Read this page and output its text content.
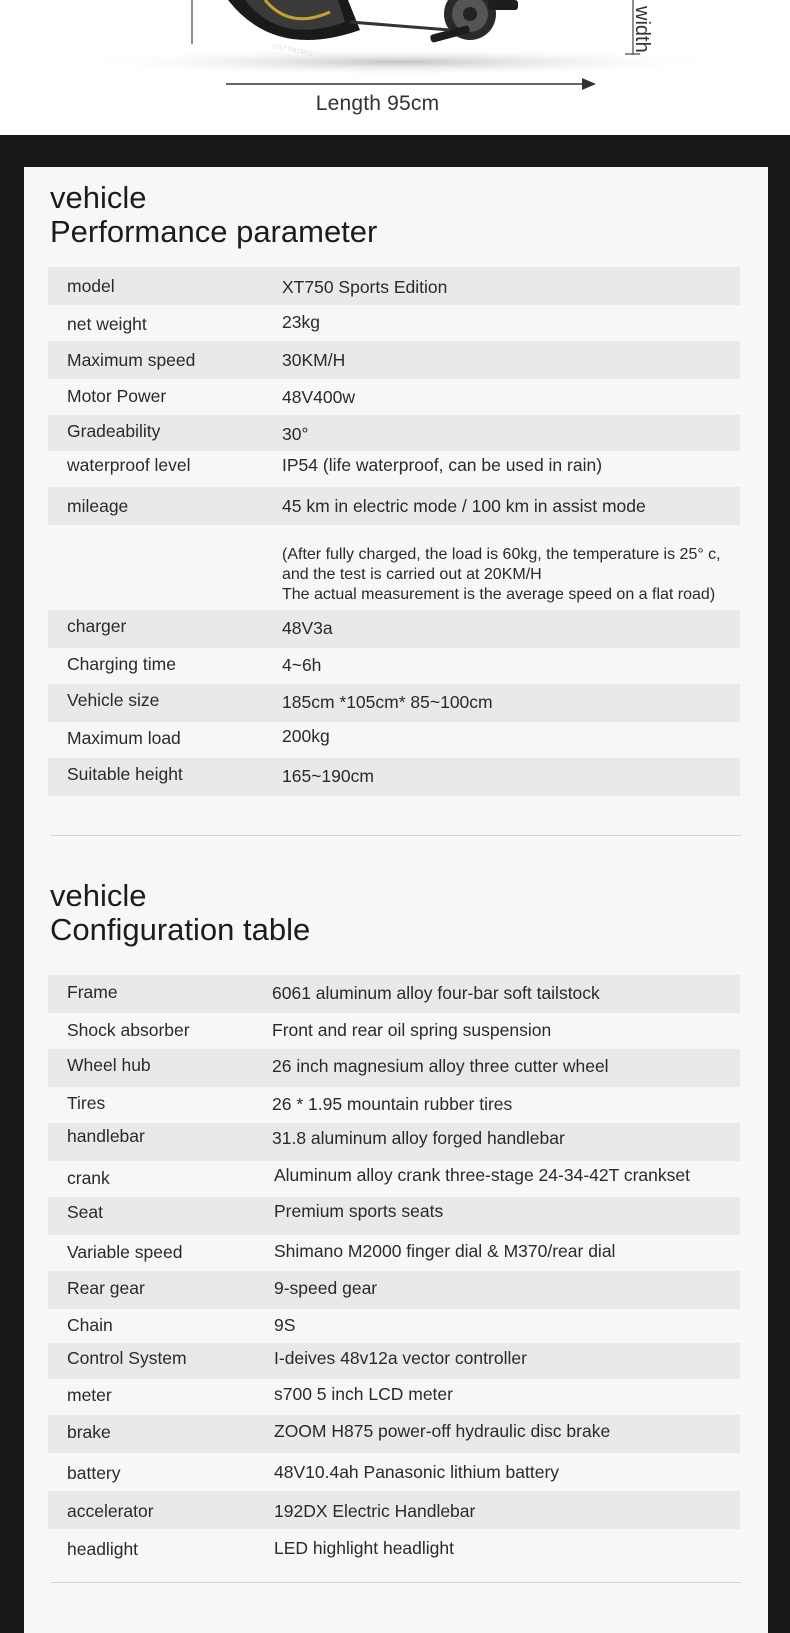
OST PATROL
Length 95cm
width
vehicle
Performance parameter
model	XT750 Sports Edition
net weight	23kg
Maximum speed	30KM/H
Motor Power	48V400w
Gradeability	30°
waterproof level	IP54 (life waterproof, can be used in rain)
mileage	45 km in electric mode / 100 km in assist mode
(After fully charged, the load is 60kg, the temperature is 25° c,
and the test is carried out at 20KM/H
The actual measurement is the average speed on a flat road)
charger	48V3a
Charging time	4~6h
Vehicle size	185cm *105cm* 85~100cm
Maximum load	200kg
Suitable height	165~190cm
vehicle
Configuration table
Frame	6061 aluminum alloy four-bar soft tailstock
Shock absorber	Front and rear oil spring suspension
Wheel hub	26 inch magnesium alloy three cutter wheel
Tires	26 * 1.95 mountain rubber tires
handlebar	31.8 aluminum alloy forged handlebar
crank	Aluminum alloy crank three-stage 24-34-42T crankset
Seat	Premium sports seats
Variable speed	Shimano M2000 finger dial & M370/rear dial
Rear gear	9-speed gear
Chain	9S
Control System	I-deives 48v12a vector controller
meter	s700 5 inch LCD meter
brake	ZOOM H875 power-off hydraulic disc brake
battery	48V10.4ah Panasonic lithium battery
accelerator	192DX Electric Handlebar
headlight	LED highlight headlight
